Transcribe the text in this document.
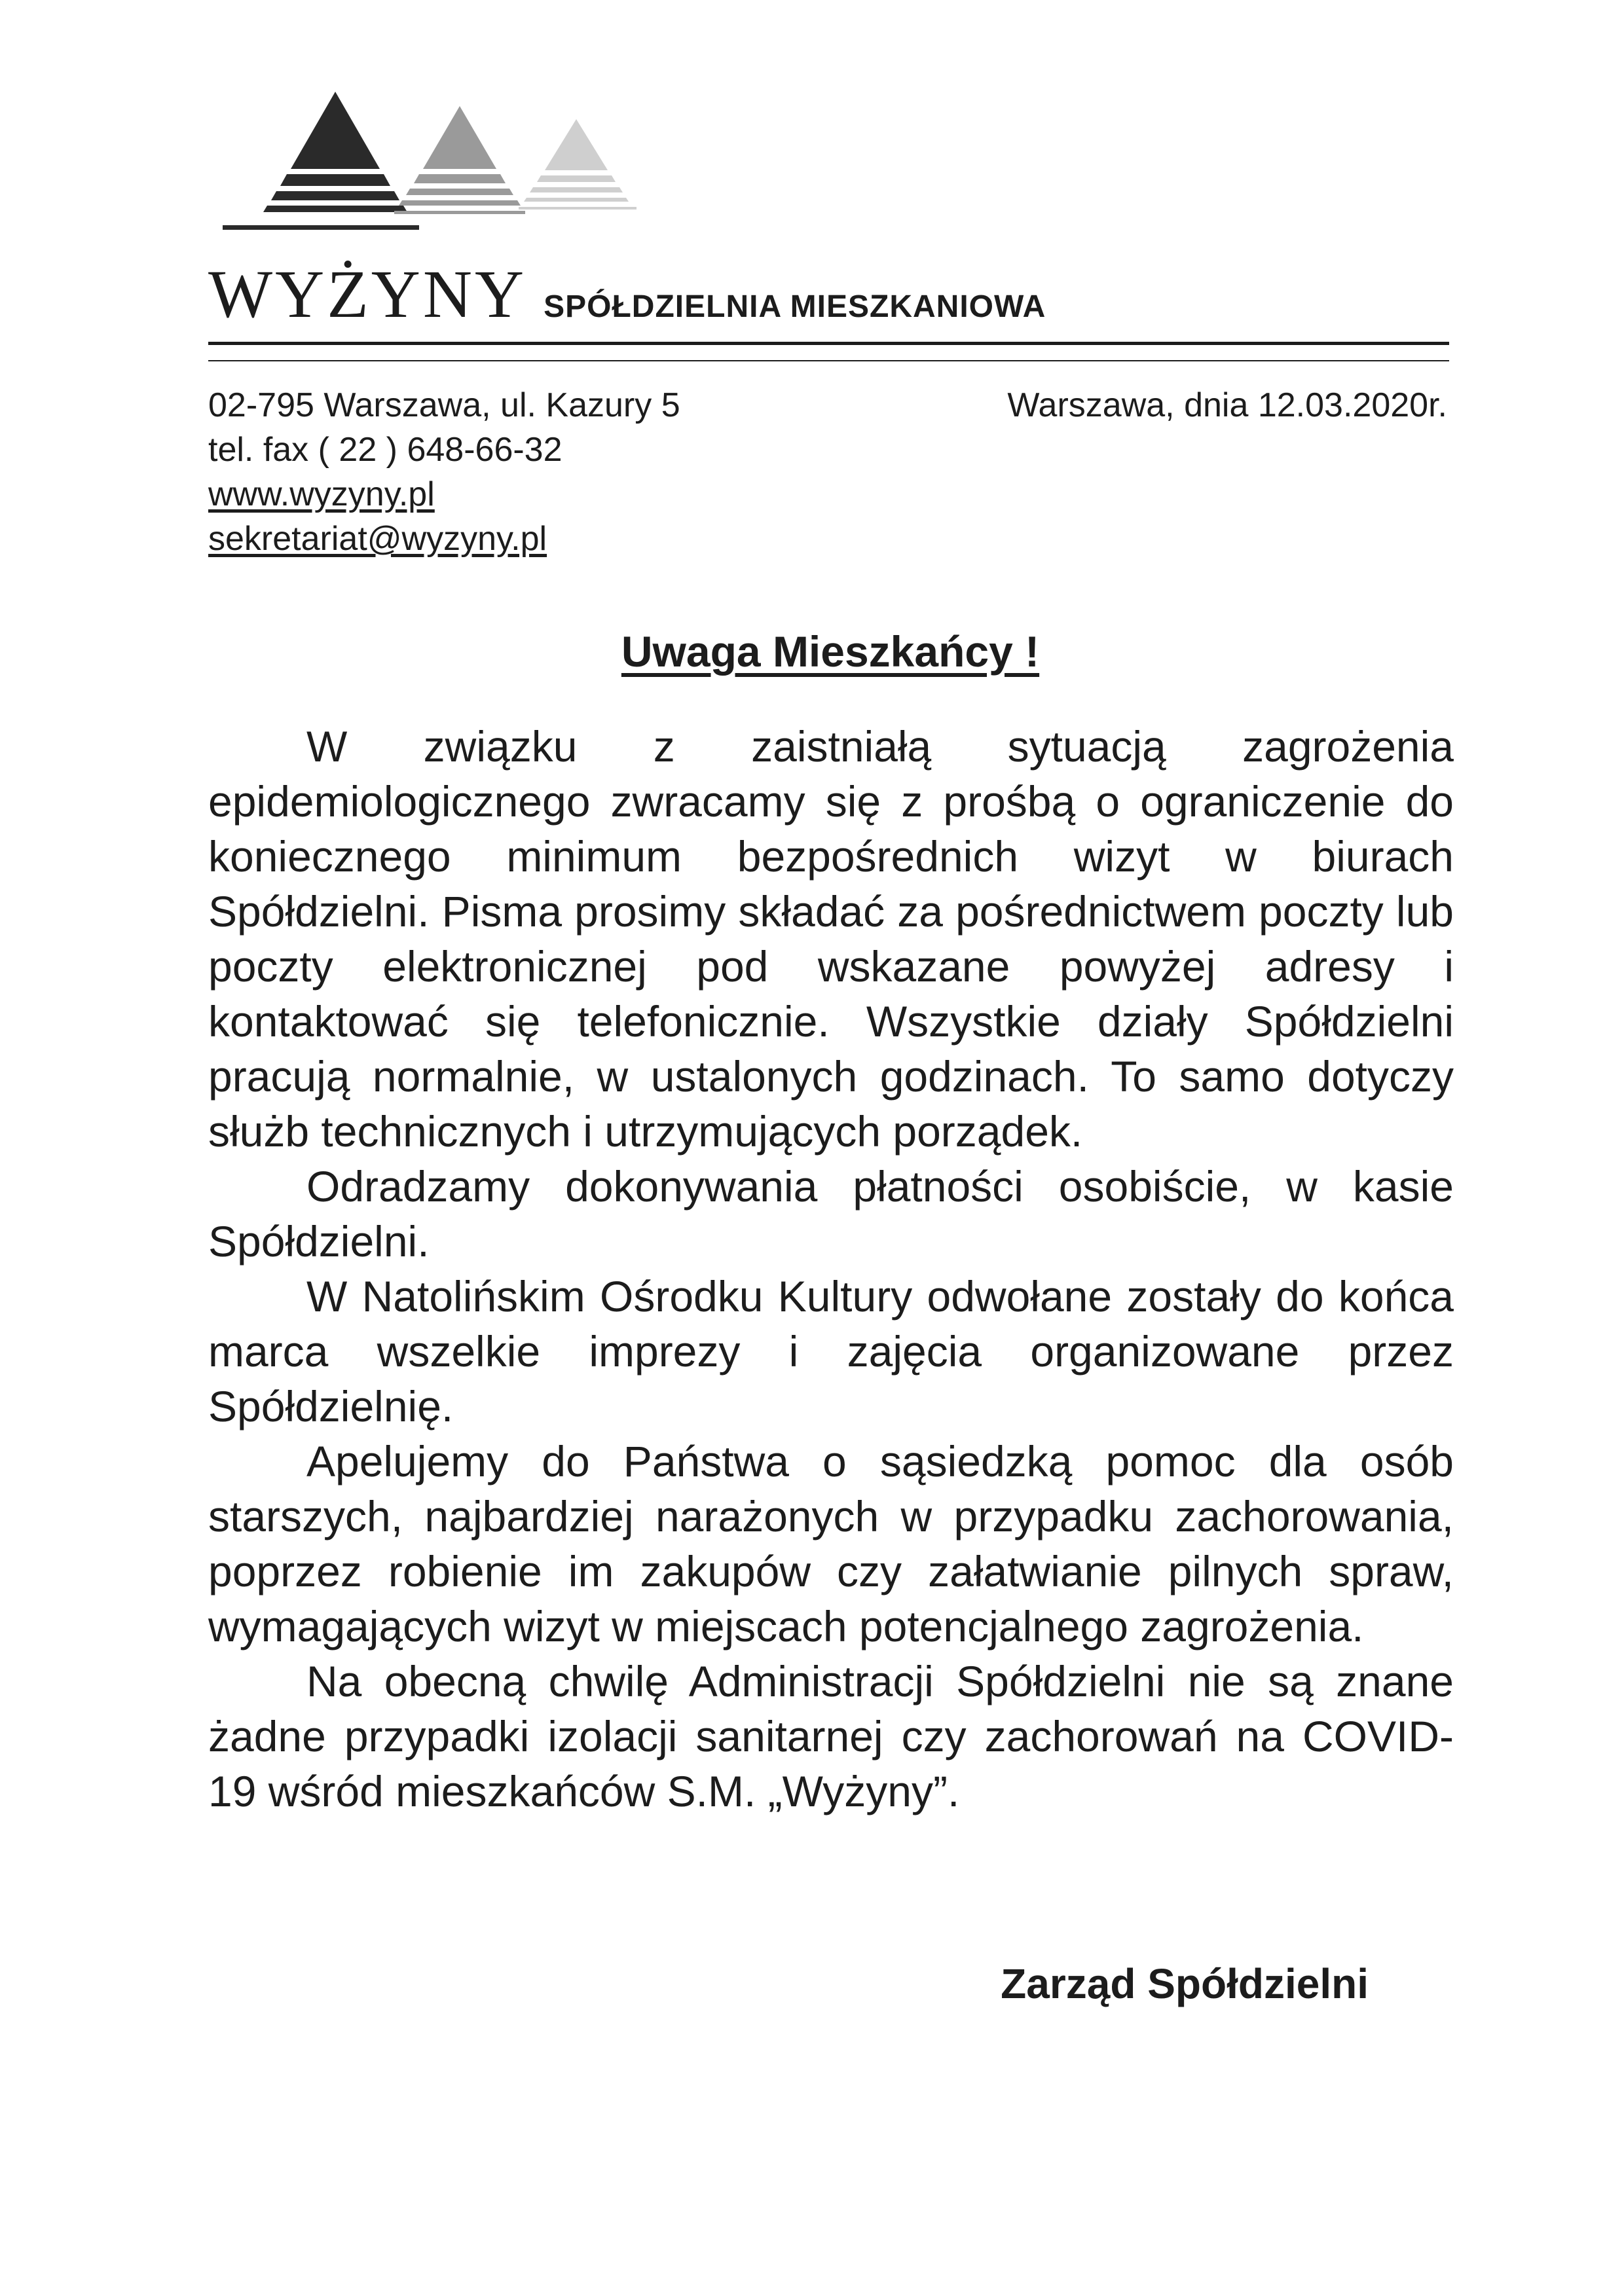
WYŻYNY SPÓŁDZIELNIA MIESZKANIOWA
02-795 Warszawa, ul. Kazury 5
tel. fax ( 22 ) 648-66-32
www.wyzyny.pl
sekretariat@wyzyny.pl
Warszawa, dnia 12.03.2020r.
Uwaga Mieszkańcy !

W związku z zaistniałą sytuacją zagrożenia epidemiologicznego zwracamy się z prośbą o ograniczenie do koniecznego minimum bezpośrednich wizyt w biurach Spółdzielni. Pisma prosimy składać za pośrednictwem poczty lub poczty elektronicznej pod wskazane powyżej adresy i kontaktować się telefonicznie. Wszystkie działy Spółdzielni pracują normalnie, w ustalonych godzinach. To samo dotyczy służb technicznych i utrzymujących porządek.

Odradzamy dokonywania płatności osobiście, w kasie Spółdzielni.

W Natolińskim Ośrodku Kultury odwołane zostały do końca marca wszelkie imprezy i zajęcia organizowane przez Spółdzielnię.

Apelujemy do Państwa o sąsiedzką pomoc dla osób starszych, najbardziej narażonych w przypadku zachorowania, poprzez robienie im zakupów czy załatwianie pilnych spraw, wymagających wizyt w miejscach potencjalnego zagrożenia.

Na obecną chwilę Administracji Spółdzielni nie są znane żadne przypadki izolacji sanitarnej czy zachorowań na COVID-19 wśród mieszkańców S.M. „Wyżyny”.

Zarząd Spółdzielni
